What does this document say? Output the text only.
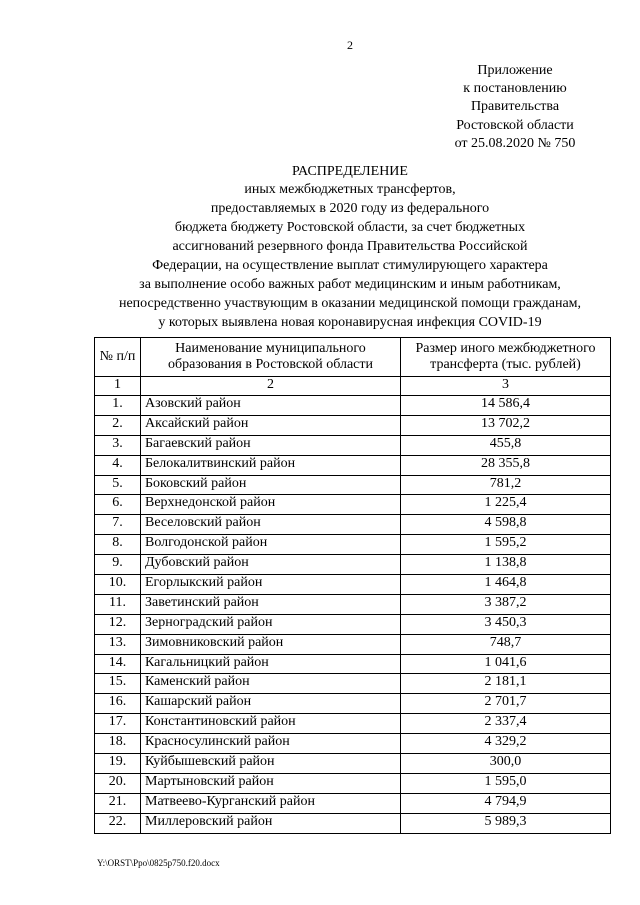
2
Приложение
к постановлению
Правительства
Ростовской области
от 25.08.2020 № 750
РАСПРЕДЕЛЕНИЕ
иных межбюджетных трансфертов,
предоставляемых в 2020 году из федерального
бюджета бюджету Ростовской области, за счет бюджетных
ассигнований резервного фонда Правительства Российской
Федерации, на осуществление выплат стимулирующего характера
за выполнение особо важных работ медицинским и иным работникам,
непосредственно участвующим в оказании медицинской помощи гражданам,
у которых выявлена новая коронавирусная инфекция COVID-19
№ п/п	Наименование муниципального образования в Ростовской области	Размер иного межбюджетного трансферта (тыс. рублей)
1	2	3
1.	Азовский район	14 586,4
2.	Аксайский район	13 702,2
3.	Багаевский район	455,8
4.	Белокалитвинский район	28 355,8
5.	Боковский район	781,2
6.	Верхнедонской район	1 225,4
7.	Веселовский район	4 598,8
8.	Волгодонской район	1 595,2
9.	Дубовский район	1 138,8
10.	Егорлыкский район	1 464,8
11.	Заветинский район	3 387,2
12.	Зерноградский район	3 450,3
13.	Зимовниковский район	748,7
14.	Кагальницкий район	1 041,6
15.	Каменский район	2 181,1
16.	Кашарский район	2 701,7
17.	Константиновский район	2 337,4
18.	Красносулинский район	4 329,2
19.	Куйбышевский район	300,0
20.	Мартыновский район	1 595,0
21.	Матвеево-Курганский район	4 794,9
22.	Миллеровский район	5 989,3
Y:\ORST\Ppo\0825p750.f20.docx
